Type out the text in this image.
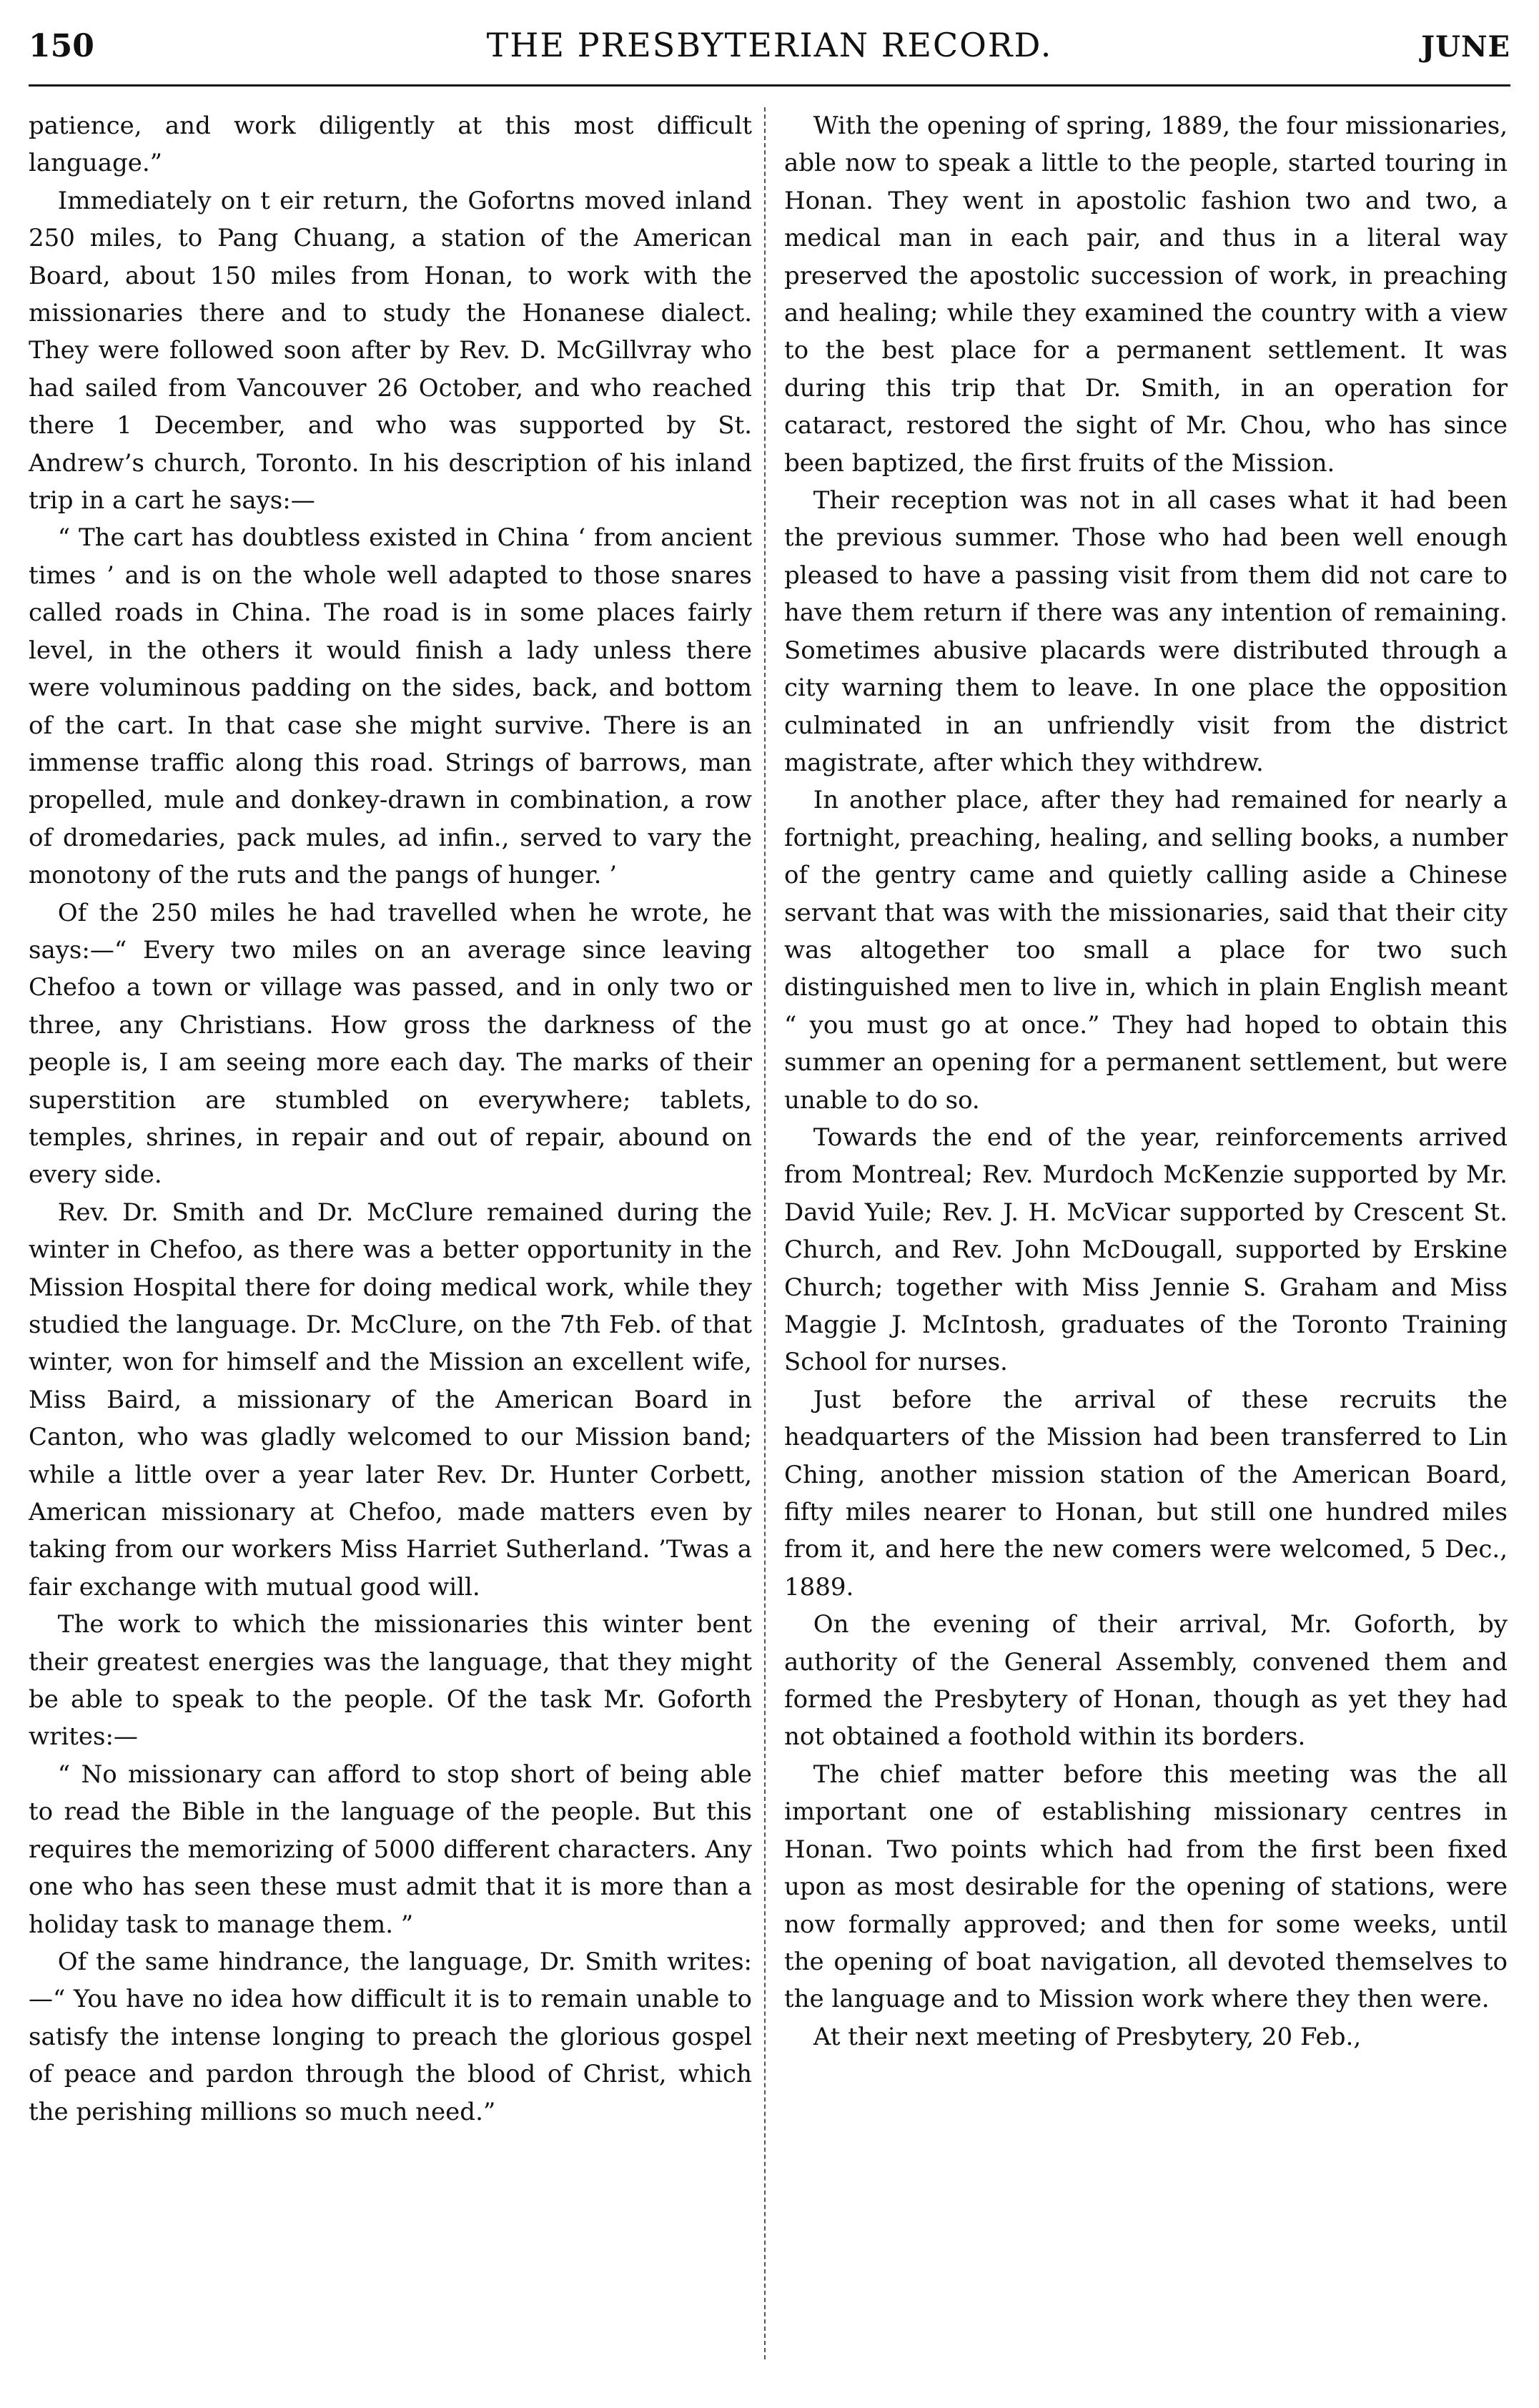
150	THE PRESBYTERIAN RECORD.	JUNE

patience, and work diligently at this most difficult language.”

Immediately on t eir return, the Gofortns moved inland 250 miles, to Pang Chuang, a station of the American Board, about 150 miles from Honan, to work with the missionaries there and to study the Honanese dialect. They were followed soon after by Rev. D. McGillvray who had sailed from Vancouver 26 October, and who reached there 1 December, and who was supported by St. Andrew’s church, Toronto. In his description of his inland trip in a cart he says:—

“ The cart has doubtless existed in China ‘ from ancient times ’ and is on the whole well adapted to those snares called roads in China. The road is in some places fairly level, in the others it would finish a lady unless there were voluminous padding on the sides, back, and bottom of the cart. In that case she might survive. There is an immense traffic along this road. Strings of barrows, man propelled, mule and donkey-drawn in combination, a row of dromedaries, pack mules, ad infin., served to vary the monotony of the ruts and the pangs of hunger. ’

Of the 250 miles he had travelled when he wrote, he says:—“ Every two miles on an average since leaving Chefoo a town or village was passed, and in only two or three, any Christians. How gross the darkness of the people is, I am seeing more each day. The marks of their superstition are stumbled on everywhere; tablets, temples, shrines, in repair and out of repair, abound on every side.

Rev. Dr. Smith and Dr. McClure remained during the winter in Chefoo, as there was a better opportunity in the Mission Hospital there for doing medical work, while they studied the language. Dr. McClure, on the 7th Feb. of that winter, won for himself and the Mission an excellent wife, Miss Baird, a missionary of the American Board in Canton, who was gladly welcomed to our Mission band; while a little over a year later Rev. Dr. Hunter Corbett, American missionary at Chefoo, made matters even by taking from our workers Miss Harriet Sutherland. ’Twas a fair exchange with mutual good will.

The work to which the missionaries this winter bent their greatest energies was the language, that they might be able to speak to the people. Of the task Mr. Goforth writes:—

“ No missionary can afford to stop short of being able to read the Bible in the language of the people. But this requires the memorizing of 5000 different characters. Any one who has seen these must admit that it is more than a holiday task to manage them. ”

Of the same hindrance, the language, Dr. Smith writes:—“ You have no idea how difficult it is to remain unable to satisfy the intense longing to preach the glorious gospel of peace and pardon through the blood of Christ, which the perishing millions so much need.”

With the opening of spring, 1889, the four missionaries, able now to speak a little to the people, started touring in Honan. They went in apostolic fashion two and two, a medical man in each pair, and thus in a literal way preserved the apostolic succession of work, in preaching and healing; while they examined the country with a view to the best place for a permanent settlement. It was during this trip that Dr. Smith, in an operation for cataract, restored the sight of Mr. Chou, who has since been baptized, the first fruits of the Mission.

Their reception was not in all cases what it had been the previous summer. Those who had been well enough pleased to have a passing visit from them did not care to have them return if there was any intention of remaining. Sometimes abusive placards were distributed through a city warning them to leave. In one place the opposition culminated in an unfriendly visit from the district magistrate, after which they withdrew.

In another place, after they had remained for nearly a fortnight, preaching, healing, and selling books, a number of the gentry came and quietly calling aside a Chinese servant that was with the missionaries, said that their city was altogether too small a place for two such distinguished men to live in, which in plain English meant “ you must go at once.” They had hoped to obtain this summer an opening for a permanent settlement, but were unable to do so.

Towards the end of the year, reinforcements arrived from Montreal; Rev. Murdoch McKenzie supported by Mr. David Yuile; Rev. J. H. McVicar supported by Crescent St. Church, and Rev. John McDougall, supported by Erskine Church; together with Miss Jennie S. Graham and Miss Maggie J. McIntosh, graduates of the Toronto Training School for nurses.

Just before the arrival of these recruits the headquarters of the Mission had been transferred to Lin Ching, another mission station of the American Board, fifty miles nearer to Honan, but still one hundred miles from it, and here the new comers were welcomed, 5 Dec., 1889.

On the evening of their arrival, Mr. Goforth, by authority of the General Assembly, convened them and formed the Presbytery of Honan, though as yet they had not obtained a foothold within its borders.

The chief matter before this meeting was the all important one of establishing missionary centres in Honan. Two points which had from the first been fixed upon as most desirable for the opening of stations, were now formally approved; and then for some weeks, until the opening of boat navigation, all devoted themselves to the language and to Mission work where they then were.

At their next meeting of Presbytery, 20 Feb.,
